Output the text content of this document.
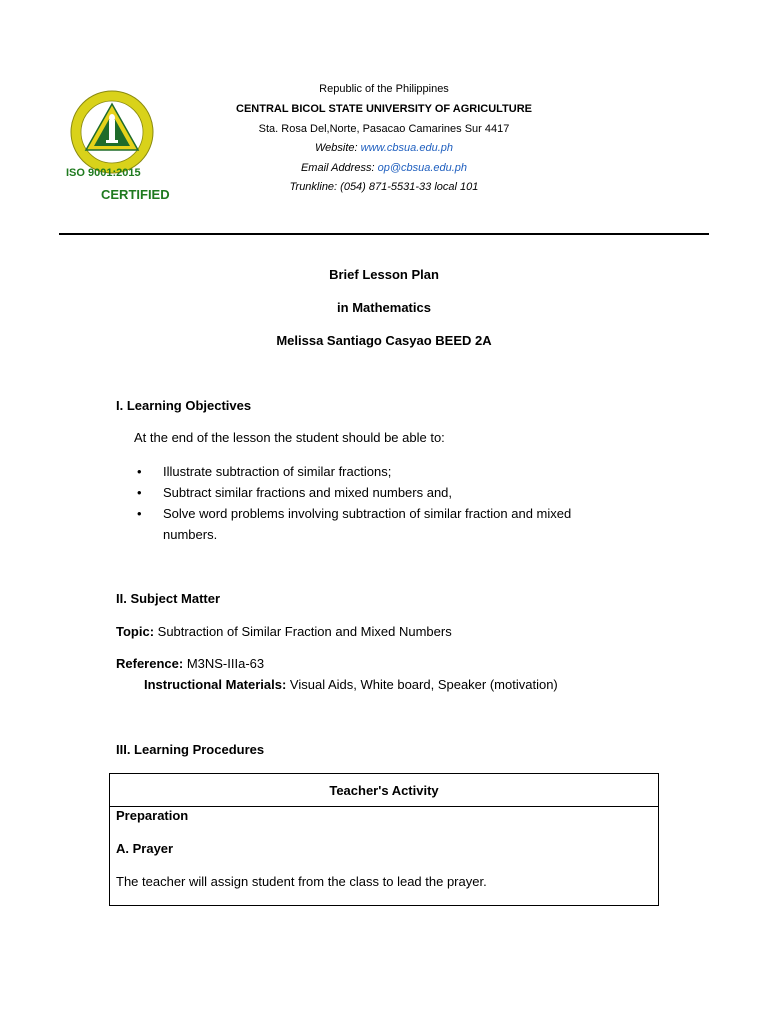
ISO 9001:2015
CERTIFIED
Republic of the Philippines
CENTRAL BICOL STATE UNIVERSITY OF AGRICULTURE
Sta. Rosa Del,Norte, Pasacao Camarines Sur 4417
Website: www.cbsua.edu.ph
Email Address: op@cbsua.edu.ph
Trunkline: (054) 871-5531-33 local 101
Brief Lesson Plan
in Mathematics
Melissa Santiago Casyao BEED 2A
I. Learning Objectives
At the end of the lesson the student should be able to:
• Illustrate subtraction of similar fractions;
• Subtract similar fractions and mixed numbers and,
• Solve word problems involving subtraction of similar fraction and mixed numbers.
II. Subject Matter
Topic: Subtraction of Similar Fraction and Mixed Numbers
Reference: M3NS-IIIa-63
Instructional Materials: Visual Aids, White board, Speaker (motivation)
III. Learning Procedures
Teacher's Activity
Preparation
A. Prayer
The teacher will assign student from the class to lead the prayer.
